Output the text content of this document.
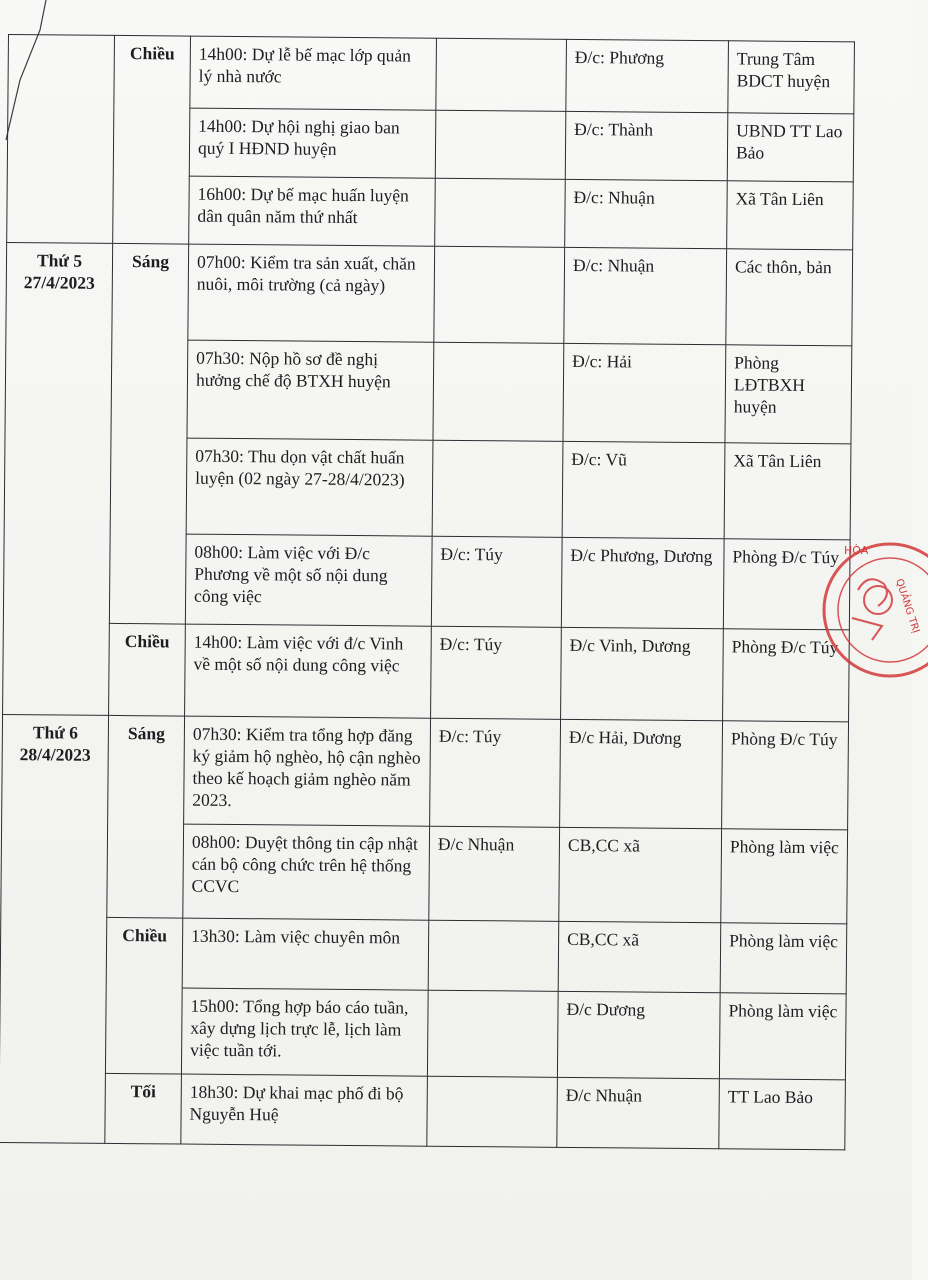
	Chiều	14h00: Dự lễ bế mạc lớp quản lý nhà nước		Đ/c: Phương	Trung Tâm BDCT huyện
		14h00: Dự hội nghị giao ban quý I HĐND huyện		Đ/c: Thành	UBND TT Lao Bảo
		16h00: Dự bế mạc huấn luyện dân quân năm thứ nhất		Đ/c: Nhuận	Xã Tân Liên

Thứ 5
27/4/2023	Sáng	07h00: Kiểm tra sản xuất, chăn nuôi, môi trường (cả ngày)		Đ/c: Nhuận	Các thôn, bản
		07h30: Nộp hồ sơ đề nghị hưởng chế độ BTXH huyện		Đ/c: Hải	Phòng LĐTBXH huyện
		07h30: Thu dọn vật chất huấn luyện (02 ngày 27-28/4/2023)		Đ/c: Vũ	Xã Tân Liên
		08h00: Làm việc với Đ/c Phương về một số nội dung công việc	Đ/c: Túy	Đ/c Phương, Dương	Phòng Đ/c Túy
	Chiều	14h00: Làm việc với đ/c Vinh về một số nội dung công việc	Đ/c: Túy	Đ/c Vinh, Dương	Phòng Đ/c Túy

Thứ 6
28/4/2023	Sáng	07h30: Kiểm tra tổng hợp đăng ký giảm hộ nghèo, hộ cận nghèo theo kế hoạch giảm nghèo năm 2023.	Đ/c: Túy	Đ/c Hải, Dương	Phòng Đ/c Túy
		08h00: Duyệt thông tin cập nhật cán bộ công chức trên hệ thống CCVC	Đ/c Nhuận	CB,CC xã	Phòng làm việc
	Chiều	13h30: Làm việc chuyên môn		CB,CC xã	Phòng làm việc
		15h00: Tổng hợp báo cáo tuần, xây dựng lịch trực lễ, lịch làm việc tuần tới.		Đ/c Dương	Phòng làm việc
	Tối	18h30: Dự khai mạc phố đi bộ Nguyễn Huệ		Đ/c Nhuận	TT Lao Bảo
HÒA
QUẢNG TRỊ
